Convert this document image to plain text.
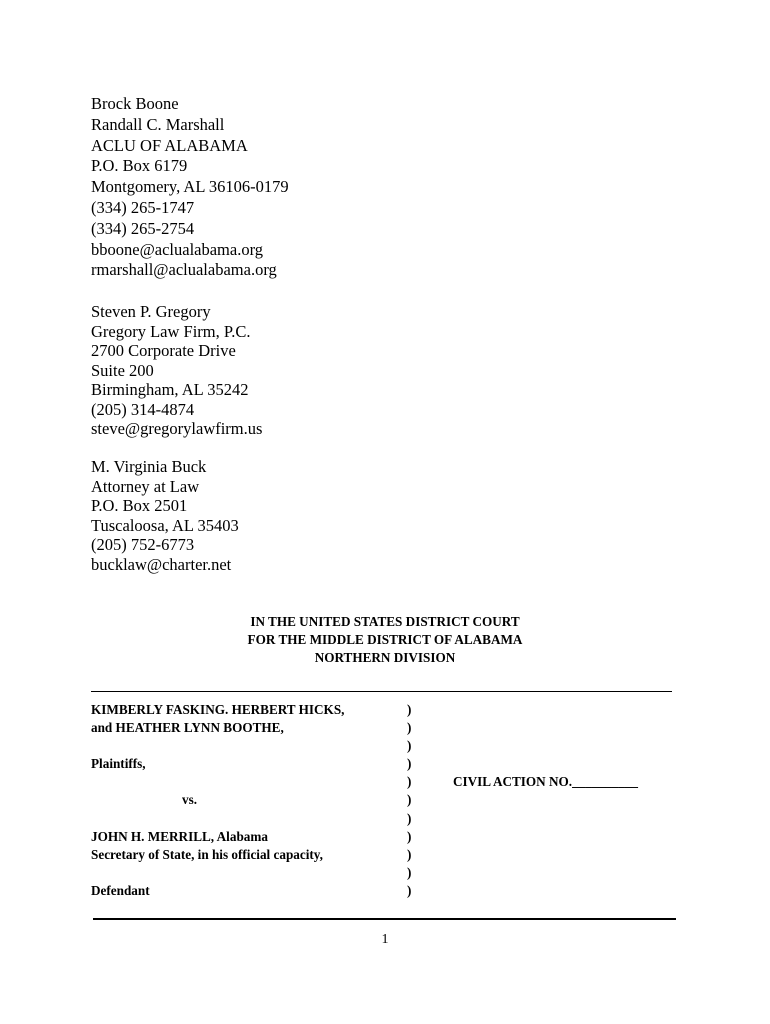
Brock Boone
Randall C. Marshall
ACLU OF ALABAMA
P.O. Box 6179
Montgomery, AL 36106-0179
(334) 265-1747
(334) 265-2754
bboone@aclualabama.org
rmarshall@aclualabama.org
Steven P. Gregory
Gregory Law Firm, P.C.
2700 Corporate Drive
Suite 200
Birmingham, AL 35242
(205) 314-4874
steve@gregorylawfirm.us
M. Virginia Buck
Attorney at Law
P.O. Box 2501
Tuscaloosa, AL 35403
(205) 752-6773
bucklaw@charter.net
IN THE UNITED STATES DISTRICT COURT
FOR THE MIDDLE DISTRICT OF ALABAMA
NORTHERN DIVISION
KIMBERLY FASKING. HERBERT HICKS,
and HEATHER LYNN BOOTHE,
Plaintiffs,
vs.
JOHN H. MERRILL, Alabama
Secretary of State, in his official capacity,
Defendant
)
)
)
)
)
)
)
)
)
)
)
CIVIL ACTION NO.__________
1
